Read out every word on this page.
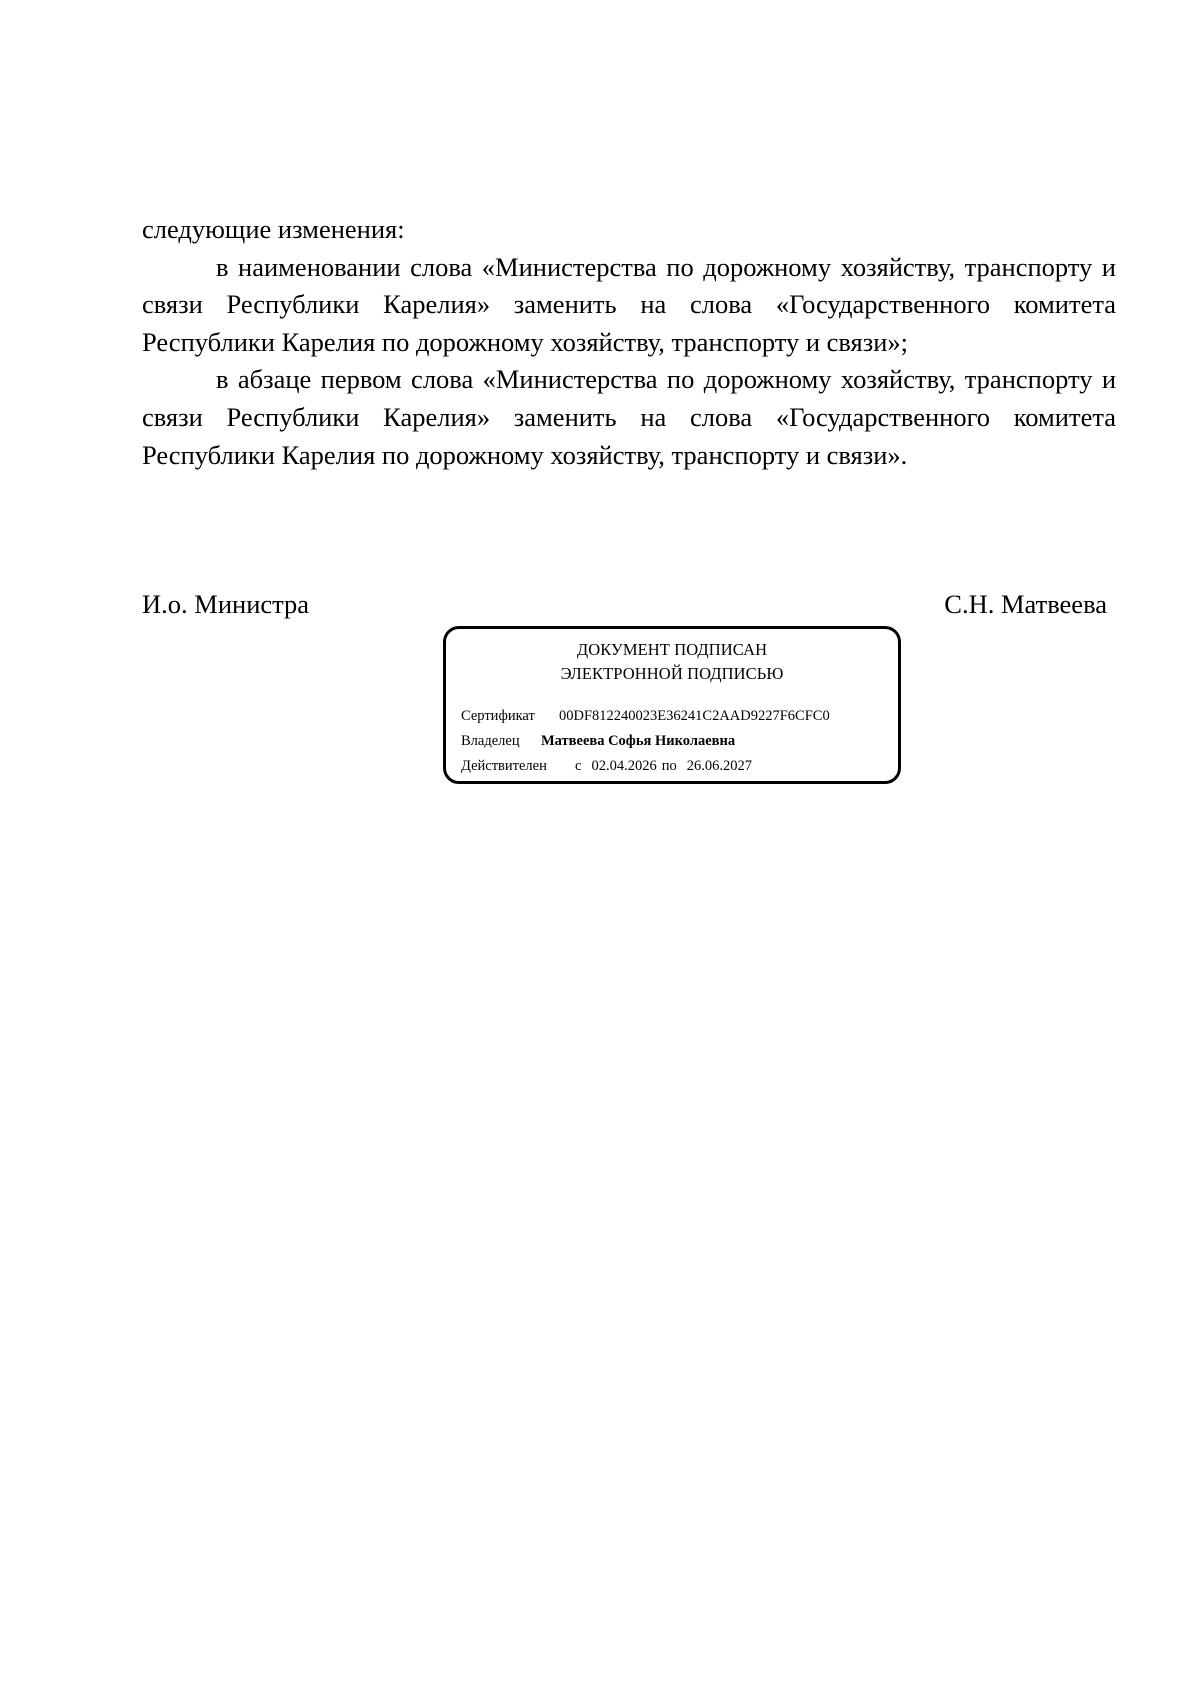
следующие изменения:

в наименовании слова «Министерства по дорожному хозяйству, транспорту и связи Республики Карелия» заменить на слова «Государственного комитета Республики Карелия по дорожному хозяйству, транспорту и связи»;

в абзаце первом слова «Министерства по дорожному хозяйству, транспорту и связи Республики Карелия» заменить на слова «Государственного комитета Республики Карелия по дорожному хозяйству, транспорту и связи».

И.о. Министра	С.Н. Матвеева
ДОКУМЕНТ ПОДПИСАН
ЭЛЕКТРОННОЙ ПОДПИСЬЮ
Сертификат 00DF812240023E36241C2AAD9227F6CFC0
Владелец Матвеева Софья Николаевна
Действителен с 02.04.2026 по 26.06.2027
